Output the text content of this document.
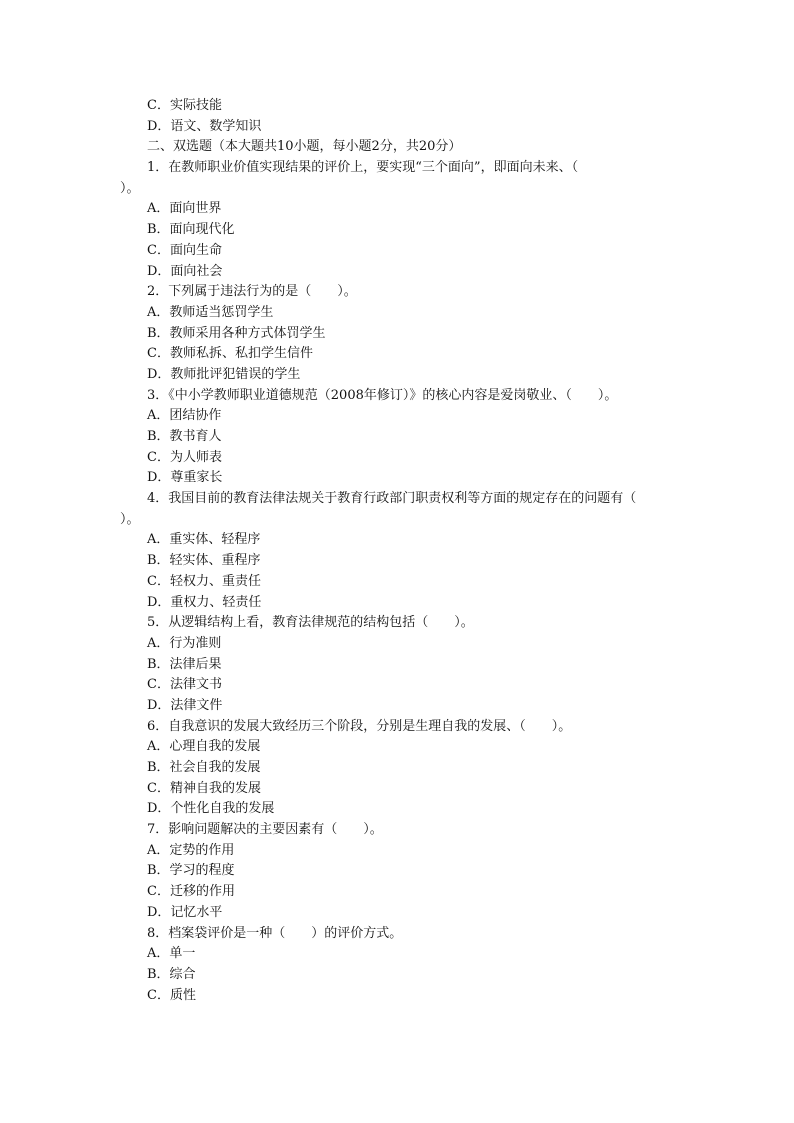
C．实际技能
D．语文、数学知识
二、双选题（本大题共10小题，每小题2分，共20分）
1．在教师职业价值实现结果的评价上，要实现“三个面向”，即面向未来、（
）。
A．面向世界
B．面向现代化
C．面向生命
D．面向社会
2．下列属于违法行为的是（　　）。
A．教师适当惩罚学生
B．教师采用各种方式体罚学生
C．教师私拆、私扣学生信件
D．教师批评犯错误的学生
3．《中小学教师职业道德规范（2008年修订）》的核心内容是爱岗敬业、（　　）。
A．团结协作
B．教书育人
C．为人师表
D．尊重家长
4．我国目前的教育法律法规关于教育行政部门职责权利等方面的规定存在的问题有（
）。
A．重实体、轻程序
B．轻实体、重程序
C．轻权力、重责任
D．重权力、轻责任
5．从逻辑结构上看，教育法律规范的结构包括（　　）。
A．行为准则
B．法律后果
C．法律文书
D．法律文件
6．自我意识的发展大致经历三个阶段，分别是生理自我的发展、（　　）。
A．心理自我的发展
B．社会自我的发展
C．精神自我的发展
D．个性化自我的发展
7．影响问题解决的主要因素有（　　）。
A．定势的作用
B．学习的程度
C．迁移的作用
D．记忆水平
8．档案袋评价是一种（　　）的评价方式。
A．单一
B．综合
C．质性
